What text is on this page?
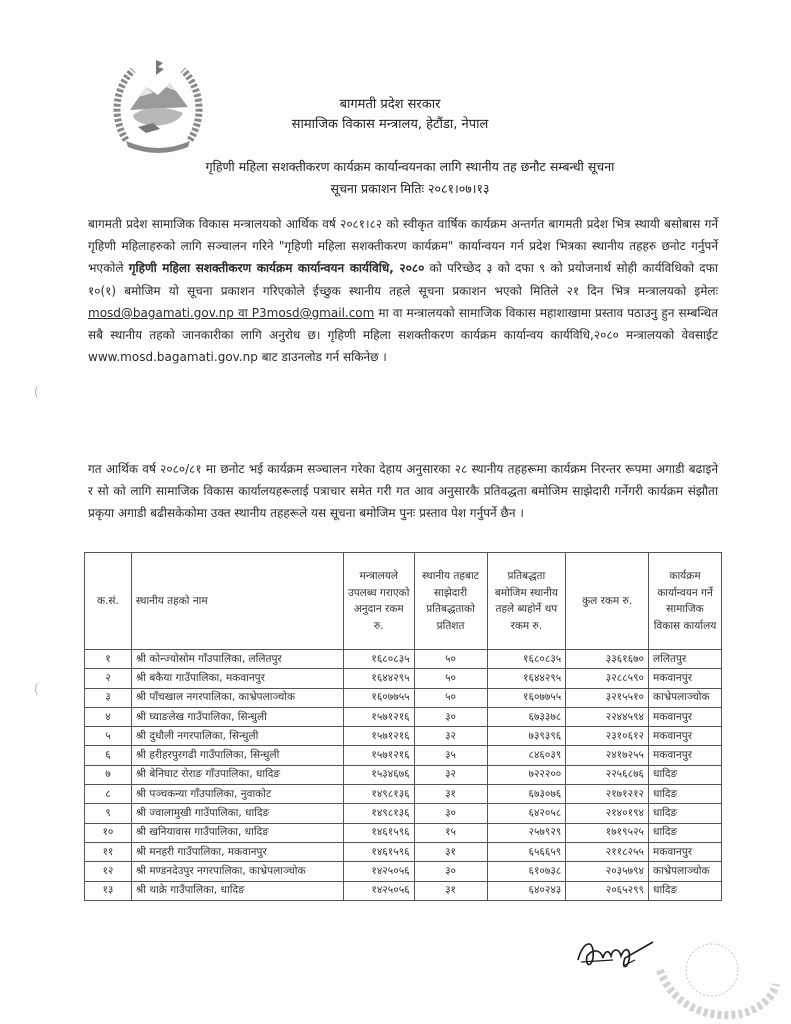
बागमती प्रदेश सरकार
सामाजिक विकास मन्त्रालय, हेटौंडा, नेपाल
गृहिणी महिला सशक्तीकरण कार्यक्रम कार्यान्वयनका लागि स्थानीय तह छनौट सम्बन्धी सूचना
सूचना प्रकाशन मितिः २०८१।०७।१३
बागमती प्रदेश सामाजिक विकास मन्त्रालयको आर्थिक वर्ष २०८१।८२ को स्वीकृत वार्षिक कार्यक्रम अन्तर्गत बागमती प्रदेश भित्र स्थायी बसोबास गर्ने गृहिणी महिलाहरुको लागि सञ्चालन गरिने "गृहिणी महिला सशक्तीकरण कार्यक्रम" कार्यान्वयन गर्न प्रदेश भित्रका स्थानीय तहहरु छनोट गर्नुपर्ने भएकोले गृहिणी महिला सशक्तीकरण कार्यक्रम कार्यान्वयन कार्यविधि, २०८० को परिच्छेद ३ को दफा ९ को प्रयोजनार्थ सोही कार्यविधिको दफा १०(१) बमोजिम यो सूचना प्रकाशन गरिएकोले ईच्छुक स्थानीय तहले सूचना प्रकाशन भएको मितिले २१ दिन भित्र मन्त्रालयको इमेलः mosd@bagamati.gov.np वा P3mosd@gmail.com मा वा मन्त्रालयको सामाजिक विकास महाशाखामा प्रस्ताव पठाउनु हुन सम्बन्धित सबै स्थानीय तहको जानकारीका लागि अनुरोध छ। गृहिणी महिला सशक्तीकरण कार्यक्रम कार्यान्वय कार्यविधि,२०८० मन्त्रालयको वेवसाईट www.mosd.bagamati.gov.np बाट डाउनलोड गर्न सकिनेछ ।
गत आर्थिक वर्ष २०८०/८१ मा छनोट भई कार्यक्रम सञ्चालन गरेका देहाय अनुसारका २८ स्थानीय तहहरूमा कार्यक्रम निरन्तर रूपमा अगाडी बढाइने र सो को लागि सामाजिक विकास कार्यालयहरूलाई पत्राचार समेत गरी गत आव अनुसारकै प्रतिवद्धता बमोजिम साझेदारी गर्नेगरी कार्यक्रम संझौता प्रकृया अगाडी बढीसकेकोमा उक्त स्थानीय तहहरूले यस सूचना बमोजिम पुनः प्रस्ताव पेश गर्नुपर्ने छैन ।
क.सं.	स्थानीय तहको नाम	मन्त्रालयले उपलब्ध गराएको अनुदान रकम रु.	स्थानीय तहबाट साझेदारी प्रतिबद्धताको प्रतिशत	प्रतिबद्धता बमोजिम स्थानीय तहले ब्यहोर्ने थप रकम रु.	कुल रकम रु.	कार्यक्रम कार्यान्वयन गर्ने सामाजिक विकास कार्यालय
१	श्री कोन्ज्योसोम गाँउपालिका, ललितपुर	१६८०८३५	५०	१६८०८३५	३३६१६७०	ललितपुर
२	श्री बकैया गाउँपालिका, मकवानपुर	१६४४२९५	५०	१६४४२९५	३२८८५९०	मकवानपुर
३	श्री पाँचखाल नगरपालिका, काभ्रेपलाञ्चोक	१६०७७५५	५०	१६०७७५५	३२१५५१०	काभ्रेपलाञ्चोक
४	श्री घ्याङलेख गाउँपालिका, सिन्धुली	१५७१२१६	३०	६७३३७८	२२४४५९४	मकवानपुर
५	श्री दुधौली नगरपालिका, सिन्धुली	१५७१२१६	३२	७३९३९६	२३१०६१२	मकवानपुर
६	श्री हरीहरपुरगढी गाउँपालिका, सिन्धुली	१५७१२१६	३५	८४६०३९	२४१७२५५	मकवानपुर
७	श्री बेनिघाट रोराङ गाँउपालिका, धादिङ	१५३४६७६	३२	७२२२००	२२५६८७६	धादिङ
८	श्री पञ्चकन्या गाँउपालिका, नुवाकोट	१४९८१३६	३१	६७३०७६	२१७१२१२	धादिङ
९	श्री ज्वालामुखी गाउँपालिका, धादिङ	१४९८१३६	३०	६४२०५८	२१४०१९४	धादिङ
१०	श्री खनियावास गाउँपालिका, धादिङ	१४६१५९६	१५	२५७९२९	१७१९५२५	धादिङ
११	श्री मनहरी गाउँपालिका, मकवानपुर	१४६१५९६	३१	६५६६५९	२११८२५५	मकवानपुर
१२	श्री मण्डनदेउपुर नगरपालिका, काभ्रेपलाञ्चोक	१४२५०५६	३०	६१०७३८	२०३५७९४	काभ्रेपलाञ्चोक
१३	श्री थाक्रे गाउँपालिका, धादिङ	१४२५०५६	३१	६४०२४३	२०६५२९९	धादिङ
